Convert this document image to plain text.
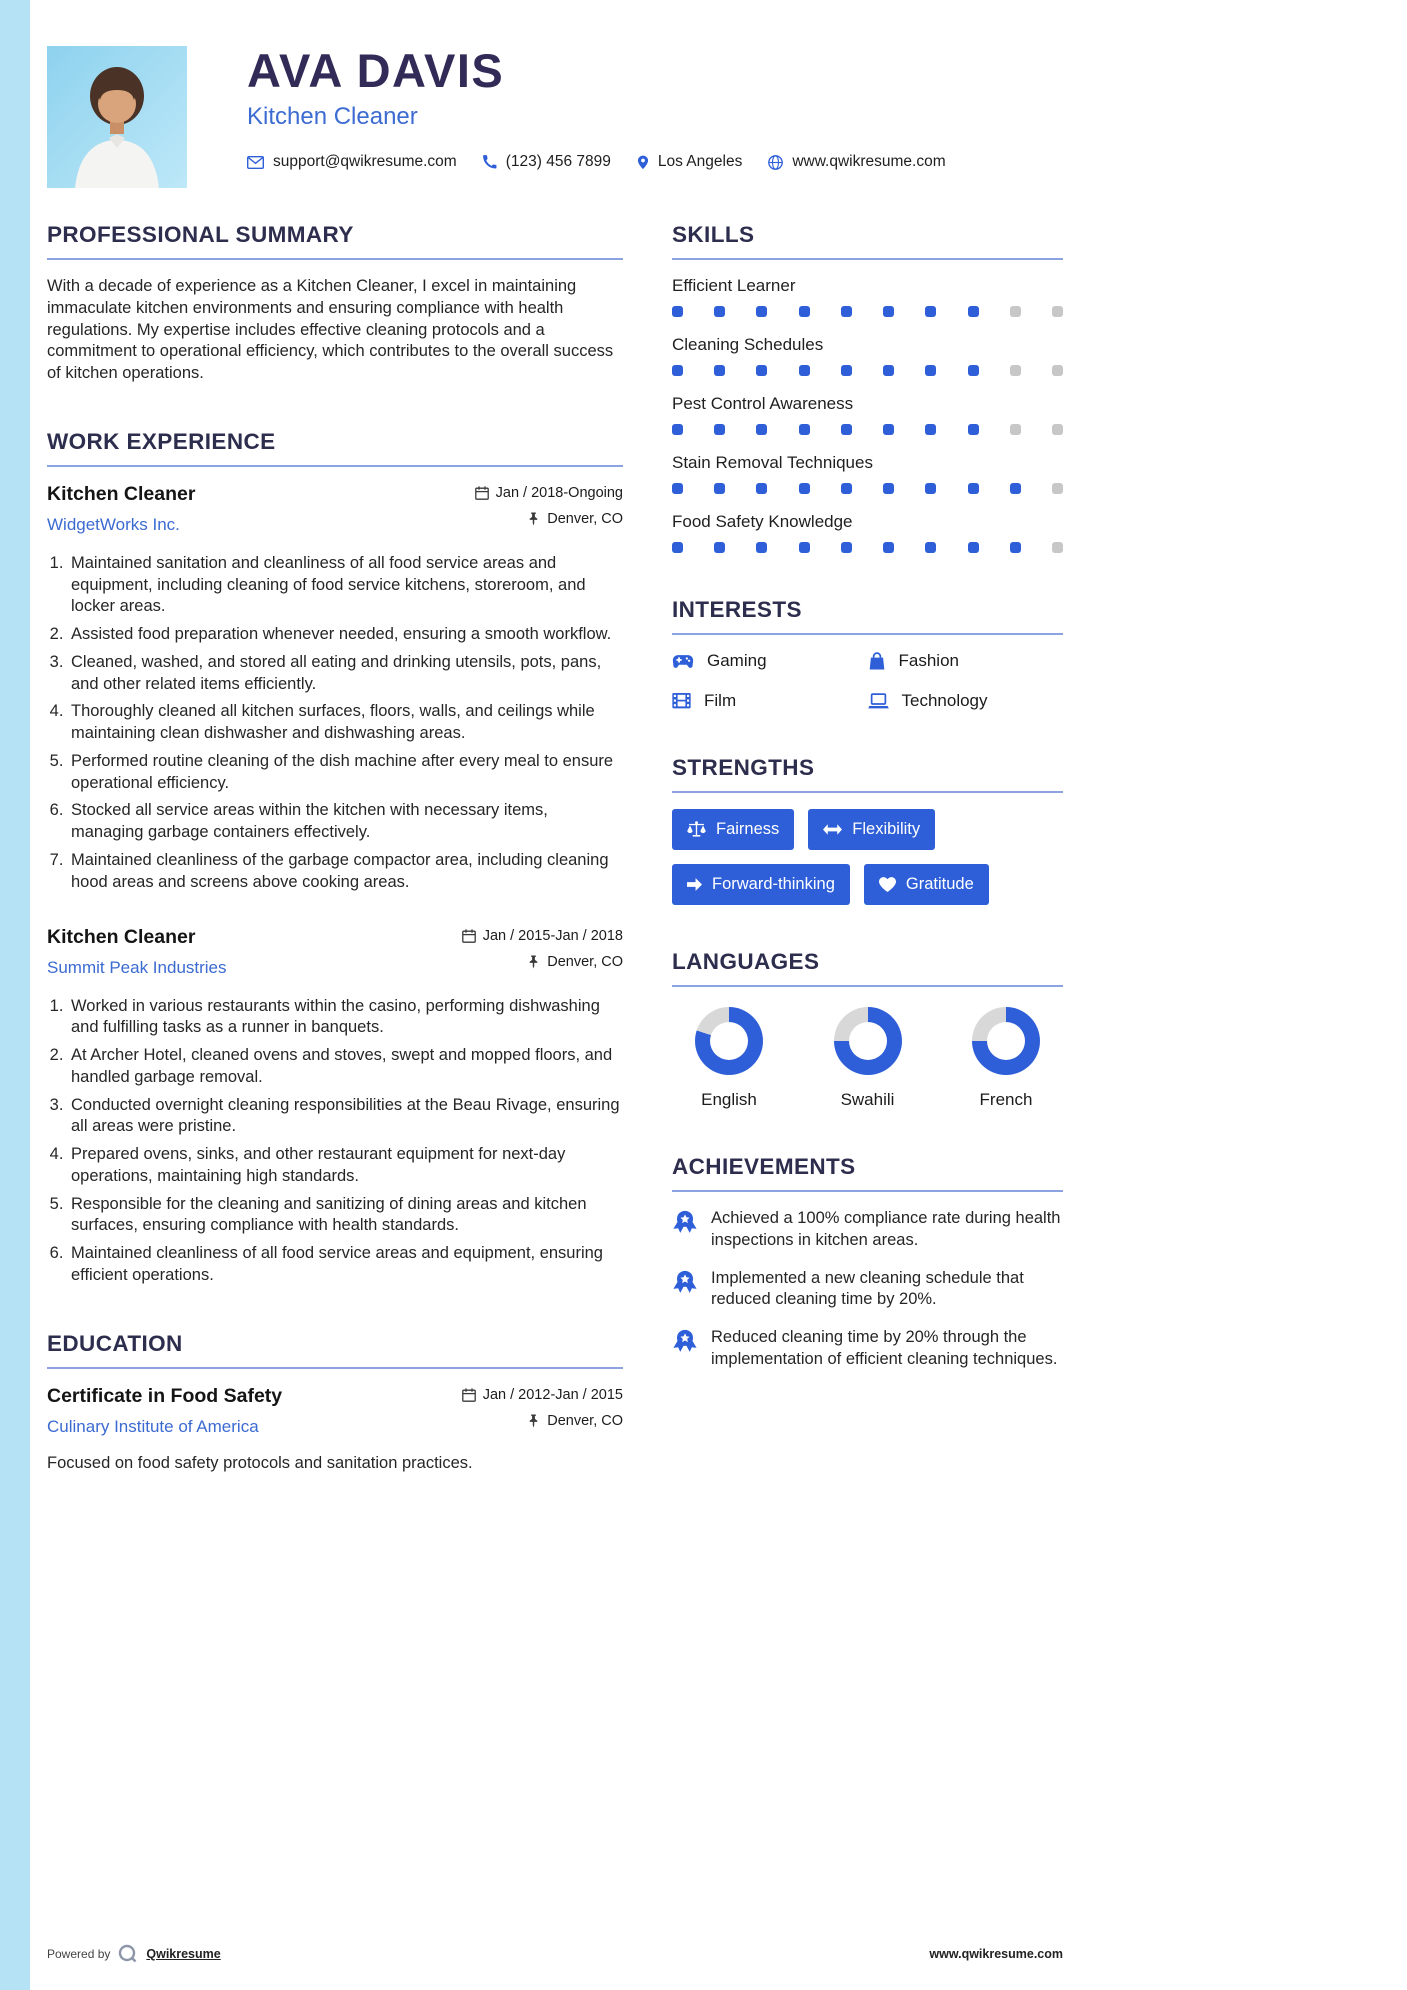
AVA DAVIS
Kitchen Cleaner
support@qwikresume.com	(123) 456 7899	Los Angeles	www.qwikresume.com
PROFESSIONAL SUMMARY

With a decade of experience as a Kitchen Cleaner, I excel in maintaining immaculate kitchen environments and ensuring compliance with health regulations. My expertise includes effective cleaning protocols and a commitment to operational efficiency, which contributes to the overall success of kitchen operations.

WORK EXPERIENCE
Kitchen Cleaner
WidgetWorks Inc.
Jan / 2018-Ongoing
Denver, CO
1. Maintained sanitation and cleanliness of all food service areas and equipment, including cleaning of food service kitchens, storeroom, and locker areas.
2. Assisted food preparation whenever needed, ensuring a smooth workflow.
3. Cleaned, washed, and stored all eating and drinking utensils, pots, pans, and other related items efficiently.
4. Thoroughly cleaned all kitchen surfaces, floors, walls, and ceilings while maintaining clean dishwasher and dishwashing areas.
5. Performed routine cleaning of the dish machine after every meal to ensure operational efficiency.
6. Stocked all service areas within the kitchen with necessary items, managing garbage containers effectively.
7. Maintained cleanliness of the garbage compactor area, including cleaning hood areas and screens above cooking areas.
Kitchen Cleaner
Summit Peak Industries
Jan / 2015-Jan / 2018
Denver, CO
1. Worked in various restaurants within the casino, performing dishwashing and fulfilling tasks as a runner in banquets.
2. At Archer Hotel, cleaned ovens and stoves, swept and mopped floors, and handled garbage removal.
3. Conducted overnight cleaning responsibilities at the Beau Rivage, ensuring all areas were pristine.
4. Prepared ovens, sinks, and other restaurant equipment for next-day operations, maintaining high standards.
5. Responsible for the cleaning and sanitizing of dining areas and kitchen surfaces, ensuring compliance with health standards.
6. Maintained cleanliness of all food service areas and equipment, ensuring efficient operations.
EDUCATION
Certificate in Food Safety
Culinary Institute of America
Jan / 2012-Jan / 2015
Denver, CO

Focused on food safety protocols and sanitation practices.

SKILLS
Efficient Learner
Cleaning Schedules
Pest Control Awareness
Stain Removal Techniques
Food Safety Knowledge
INTERESTS
Gaming	Fashion
Film	Technology
STRENGTHS
Fairness	Flexibility
Forward-thinking	Gratitude
LANGUAGES
English	Swahili	French
ACHIEVEMENTS

Achieved a 100% compliance rate during health inspections in kitchen areas.

Implemented a new cleaning schedule that reduced cleaning time by 20%.

Reduced cleaning time by 20% through the implementation of efficient cleaning techniques.

Powered by	Qwikresume	www.qwikresume.com
